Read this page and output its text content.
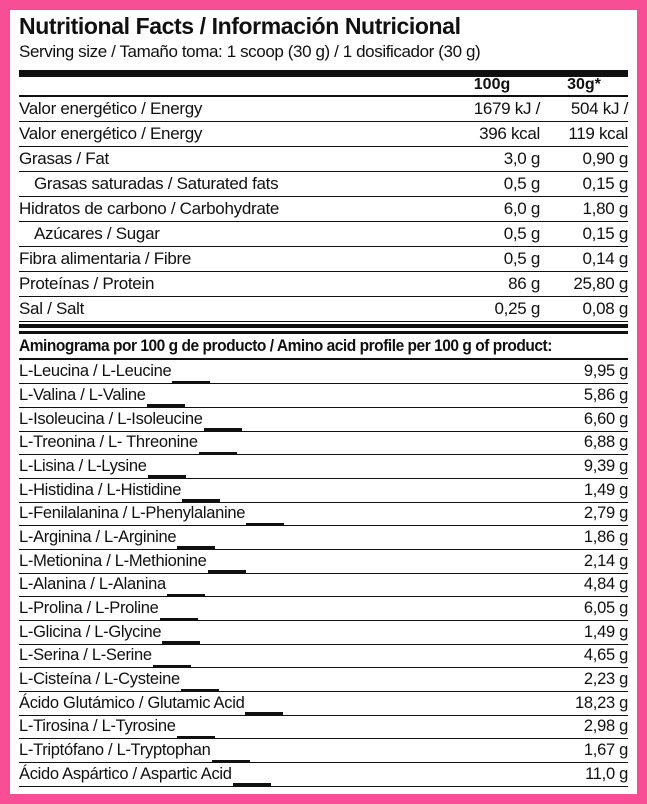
Nutritional Facts / Información Nutricional
Serving size / Tamaño toma: 1 scoop (30 g) / 1 dosificador (30 g)
100g	30g*
Valor energético / Energy	1679 kJ /	504 kJ /
Valor energético / Energy	396 kcal	119 kcal
Grasas / Fat	3,0 g	0,90 g
Grasas saturadas / Saturated fats	0,5 g	0,15 g
Hidratos de carbono / Carbohydrate	6,0 g	1,80 g
Azúcares / Sugar	0,5 g	0,15 g
Fibra alimentaria / Fibre	0,5 g	0,14 g
Proteínas / Protein	86 g	25,80 g
Sal / Salt	0,25 g	0,08 g
Aminograma por 100 g de producto / Amino acid profile per 100 g of product:
L-Leucina / L-Leucine	9,95 g
L-Valina / L-Valine	5,86 g
L-Isoleucina / L-Isoleucine	6,60 g
L-Treonina / L- Threonine	6,88 g
L-Lisina / L-Lysine	9,39 g
L-Histidina / L-Histidine	1,49 g
L-Fenilalanina / L-Phenylalanine	2,79 g
L-Arginina / L-Arginine	1,86 g
L-Metionina / L-Methionine	2,14 g
L-Alanina / L-Alanina	4,84 g
L-Prolina / L-Proline	6,05 g
L-Glicina / L-Glycine	1,49 g
L-Serina / L-Serine	4,65 g
L-Cisteína / L-Cysteine	2,23 g
Ácido Glutámico / Glutamic Acid	18,23 g
L-Tirosina / L-Tyrosine	2,98 g
L-Triptófano / L-Tryptophan	1,67 g
Ácido Aspártico / Aspartic Acid	11,0 g
